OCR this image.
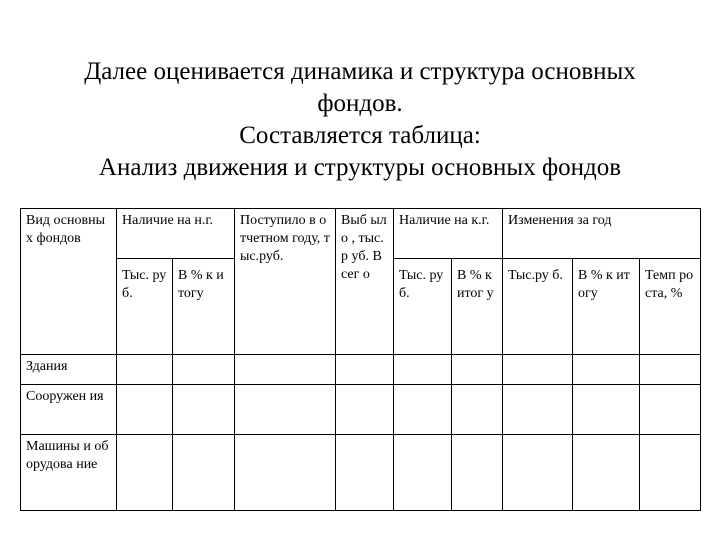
Далее оценивается динамика и структура основных
фондов.
Составляется таблица:
Анализ движения и структуры основных фондов
Вид основных фондов	Наличие на н.г.		Поступило в отчетном году, тыс.руб.	Выб ыло , тыс.р уб. Всег о	Наличие на к.г.		Изменения за год		
	Тыс. руб.	В % к итогу			Тыс. руб.	В % к итог у	Тыс.ру б.	В % к итогу	Темп роста, %
Здания									
Сооружен ия									
Машины и оборудова ние									
